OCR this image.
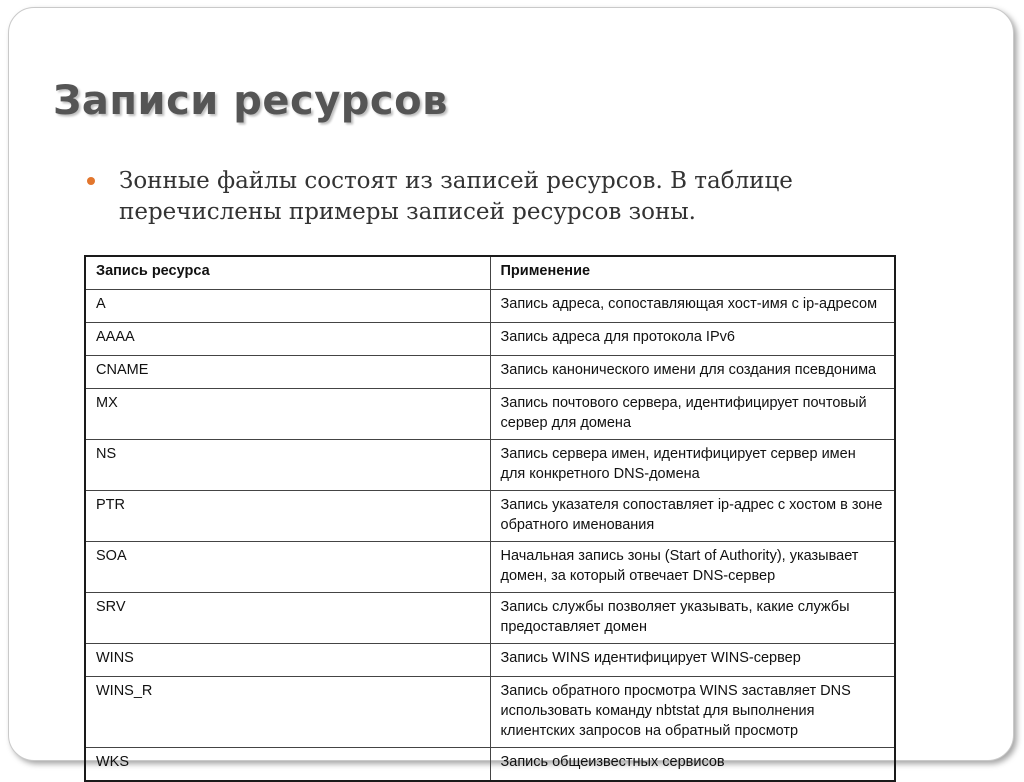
Записи ресурсов
Зонные файлы состоят из записей ресурсов. В таблице перечислены примеры записей ресурсов зоны.
Запись ресурса	Применение
A	Запись адреса, сопоставляющая хост-имя с ip-адресом
AAAA	Запись адреса для протокола IPv6
CNAME	Запись канонического имени для создания псевдонима
MX	Запись почтового сервера, идентифицирует почтовый сервер для домена
NS	Запись сервера имен, идентифицирует сервер имен для конкретного DNS-домена
PTR	Запись указателя сопоставляет ip-адрес с хостом в зоне обратного именования
SOA	Начальная запись зоны (Start of Authority), указывает домен, за который отвечает DNS-сервер
SRV	Запись службы позволяет указывать, какие службы предоставляет домен
WINS	Запись WINS идентифицирует WINS-сервер
WINS_R	Запись обратного просмотра WINS заставляет DNS использовать команду nbtstat для выполнения клиентских запросов на обратный просмотр
WKS	Запись общеизвестных сервисов
